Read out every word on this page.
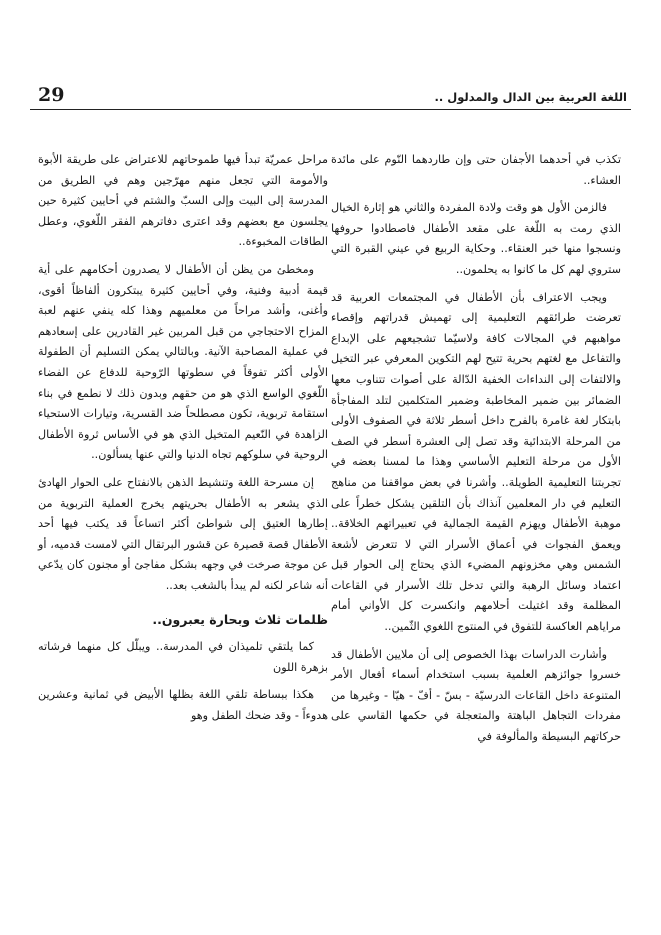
اللغة العربية بين الدال والمدلول ..
29

تكذب في أحدهما الأجفان حتى وإن طاردهما النّوم على مائدة العشاء..

فالزمن الأول هو وقت ولادة المفردة والثاني هو إثارة الخيال الذي رمت به اللّغة على مقعد الأطفال فاصطادوا حروفها ونسجوا منها خبر العنقاء.. وحكاية الربيع في عيني القبرة التي ستروي لهم كل ما كانوا به يحلمون..

ويجب الاعتراف بأن الأطفال في المجتمعات العربية قد تعرضت طرائقهم التعليمية إلى تهميش قدراتهم وإقصاء مواهبهم في المجالات كافة ولاسيّما تشجيعهم على الإبداع والتفاعل مع لغتهم بحرية تتيح لهم التكوين المعرفي عبر التخيل والالتفات إلى النداءات الخفية الدّالة على أصوات تتناوب معها الضمائر بين ضمير المخاطبة وضمير المتكلمين لتلد المفاجأة بابتكار لغة غامرة بالفرح داخل أسطر ثلاثة في الصفوف الأولى من المرحلة الابتدائية وقد تصل إلى العشرة أسطر في الصف الأول من مرحلة التعليم الأساسي وهذا ما لمسنا بعضه في تجربتنا التعليمية الطويلة.. وأشرنا في بعض مواقفنا من مناهج التعليم في دار المعلمين آنذاك بأن التلقين يشكل خطراً على موهبة الأطفال ويهزم القيمة الجمالية في تعبيراتهم الخلاقة.. ويعمق الفجوات في أعماق الأسرار التي لا تتعرض لأشعة الشمس وهي مخزونهم المضيء الذي يحتاج إلى الحوار قبل اعتماد وسائل الرهبة والتي تدخل تلك الأسرار في القاعات المظلمة وقد اغتيلت أحلامهم وانكسرت كل الأواني أمام مراياهم العاكسة للتفوق في المنتوج اللغوي الثّمين..

وأشارت الدراسات بهذا الخصوص إلى أن ملايين الأطفال قد خسروا جوائزهم العلمية بسبب استخدام أسماء أفعال الأمر المتنوعة داخل القاعات الدرسيّة - بسّ - أفّ - هيّا - وغيرها من مفردات التجاهل الباهتة والمتعجلة في حكمها القاسي على حركاتهم البسيطة والمألوفة في

مراحل عمريّة تبدأ فيها طموحاتهم للاعتراض على طريقة الأبوة والأمومة التي تجعل منهم مهرّجين وهم في الطريق من المدرسة إلى البيت وإلى السبّ والشتم في أحايين كثيرة حين يجلسون مع بعضهم وقد اعترى دفاترهم الفقر اللّغوي، وعطل الطاقات المخبوءة..

ومخطئ من يظن أن الأطفال لا يصدرون أحكامهم على أية قيمة أدبية وفنية، وفي أحايين كثيرة يبتكرون ألفاظاً أقوى، وأغنى، وأشد مراحاً من معلميهم وهذا كله ينفي عنهم لعبة المزاح الاحتجاجي من قبل المربين غير القادرين على إسعادهم في عملية المصاحبة الآنية. وبالتالي يمكن التسليم أن الطفولة الأولى أكثر تفوقاً في سطوتها الرّوحية للدفاع عن الفضاء اللّغوي الواسع الذي هو من حقهم وبدون ذلك لا نطمع في بناء استقامة تربوية، تكون مصطلحاً ضد القسرية، وتيارات الاستحياء الزاهدة في النّعيم المتخيل الذي هو في الأساس ثروة الأطفال الروحية في سلوكهم تجاه الدنيا والتي عنها يسألون..

إن مسرحة اللغة وتنشيط الذهن بالانفتاح على الحوار الهادئ الذي يشعر به الأطفال بحريتهم يخرج العملية التربوية من إطارها العتيق إلى شواطئ أكثر اتساعاً قد يكتب فيها أحد الأطفال قصة قصيرة عن قشور البرتقال التي لامست قدميه، أو عن موجة صرخت في وجهه بشكل مفاجئ أو مجنون كان يدّعي أنه شاعر لكنه لم يبدأ بالشغب بعد..

ظلمات ثلاث وبحارة يعبرون..

كما يلتقي تلميذان في المدرسة.. ويبلّل كل منهما فرشاته بزهرة اللون

هكذا ببساطة تلقي اللغة بظلها الأبيض في ثمانية وعشرين هدوءاً - وقد ضحك الطفل وهو
